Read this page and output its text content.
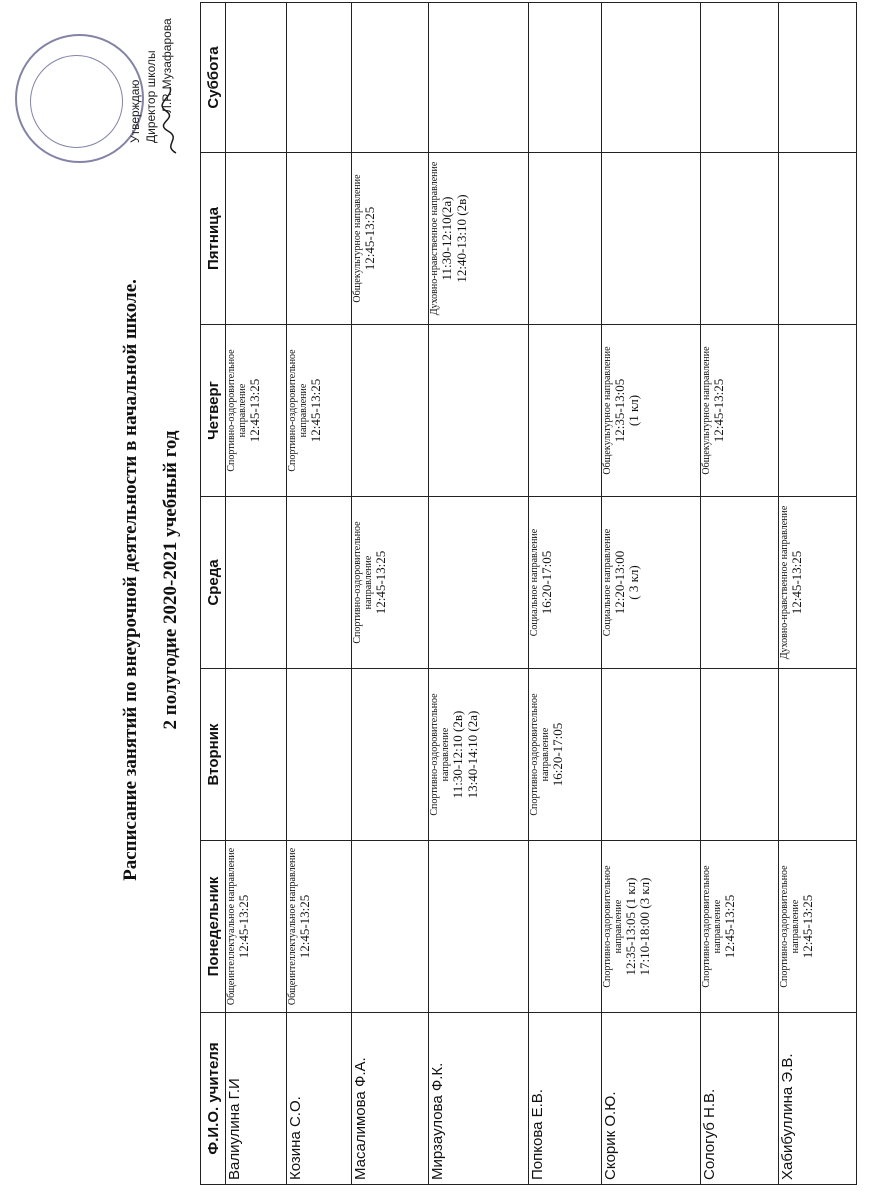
Утверждаю Директор школы Л.Р. Музафарова
Расписание занятий по внеурочной деятельности в начальной школе. 2 полугодие 2020-2021 учебный год
Ф.И.О. учителя	Понедельник	Вторник	Среда	Четверг	Пятница	Суббота
Валиулина Г.И	Общеинтеллектуальное направление 12:45-13:25			Спортивно-оздоровительное направление 12:45-13:25		

Козина С.О.	Общеинтеллектуальное направление 12:45-13:25			Спортивно-оздоровительное направление 12:45-13:25		

Масалимова Ф.А.			Спортивно-оздоровительное направление 12:45-13:25		Общекультурное направление 12:45-13:25	

Мирзаулова Ф.К.		Спортивно-оздоровительное направление 11:30-12:10 (2в) 13:40-14:10 (2а)			Духовно-нравственное направление 11:30-12:10(2а) 12:40-13:10 (2в)	

Попкова Е.В.		Спортивно-оздоровительное направление 16:20-17:05	Социальное направление 16:20-17:05			

Скорик О.Ю.	Спортивно-оздоровительное направление 12:35-13:05 (1 кл) 17:10-18:00 (3 кл)		Социальное направление 12:20-13:00 ( 3 кл)	Общекультурное направление 12:35-13:05 (1 кл)		

Сологуб Н.В.	Спортивно-оздоровительное направление 12:45-13:25			Общекультурное направление 12:45-13:25		

Хабибуллина Э.В.	Спортивно-оздоровительное направление 12:45-13:25		Духовно-нравственное направление 12:45-13:25			
